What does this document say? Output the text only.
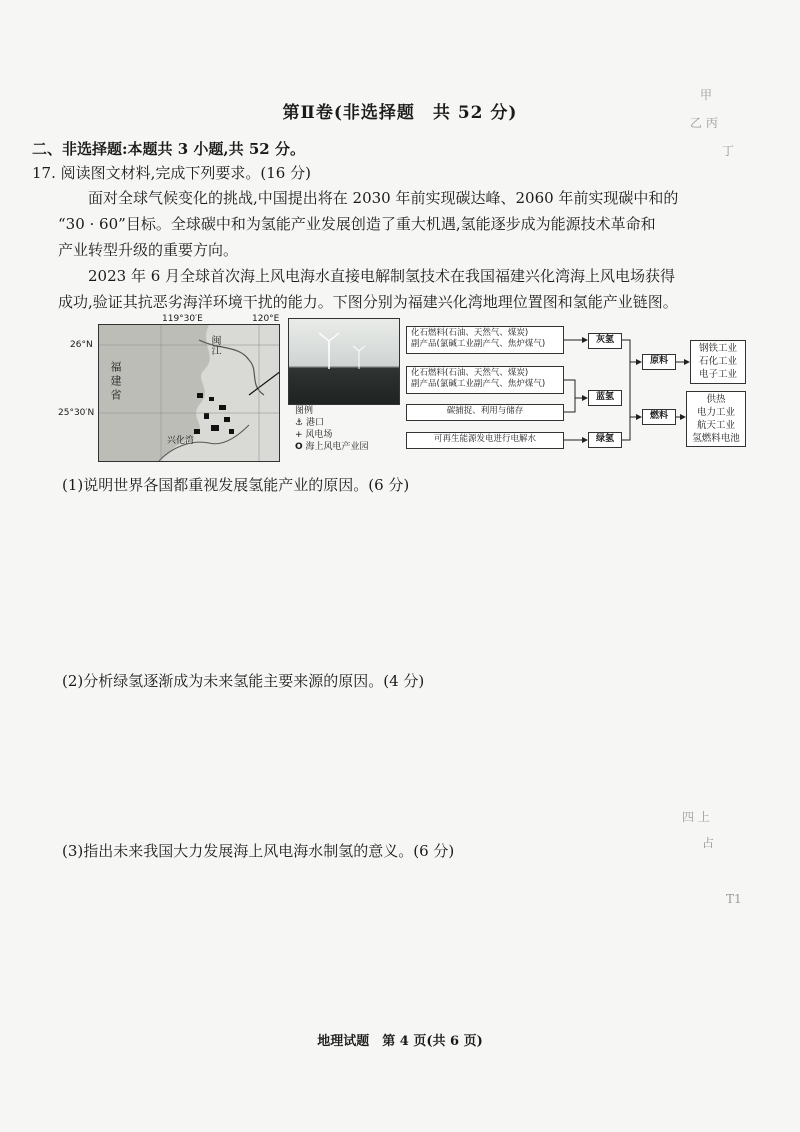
第Ⅱ卷(非选择题　共 52 分)
二、非选择题:本题共 3 小题,共 52 分。
17. 阅读图文材料,完成下列要求。(16 分)
面对全球气候变化的挑战,中国提出将在 2030 年前实现碳达峰、2060 年前实现碳中和的
“30 · 60”目标。全球碳中和为氢能产业发展创造了重大机遇,氢能逐步成为能源技术革命和
产业转型升级的重要方向。
2023 年 6 月全球首次海上风电海水直接电解制氢技术在我国福建兴化湾海上风电场获得
成功,验证其抗恶劣海洋环境干扰的能力。下图分别为福建兴化湾地理位置图和氢能产业链图。
119°30′E	120°E
26°N
25°30′N
闽江
福建省
兴化湾
图例
⚓ 港口
+ 风电场
O 海上风电产业园
化石燃料(石油、天然气、煤炭)
副产品(氯碱工业副产气、焦炉煤气)
化石燃料(石油、天然气、煤炭)
副产品(氯碱工业副产气、焦炉煤气)
碳捕捉、利用与储存
可再生能源发电进行电解水
灰氢
蓝氢
绿氢
原料
燃料
钢铁工业
石化工业
电子工业
供热
电力工业
航天工业
氢燃料电池
(1)说明世界各国都重视发展氢能产业的原因。(6 分)
(2)分析绿氢逐渐成为未来氢能主要来源的原因。(4 分)
(3)指出未来我国大力发展海上风电海水制氢的意义。(6 分)
甲
乙 丙
丁
四 上
占
T1
地理试题　第 4 页(共 6 页)
